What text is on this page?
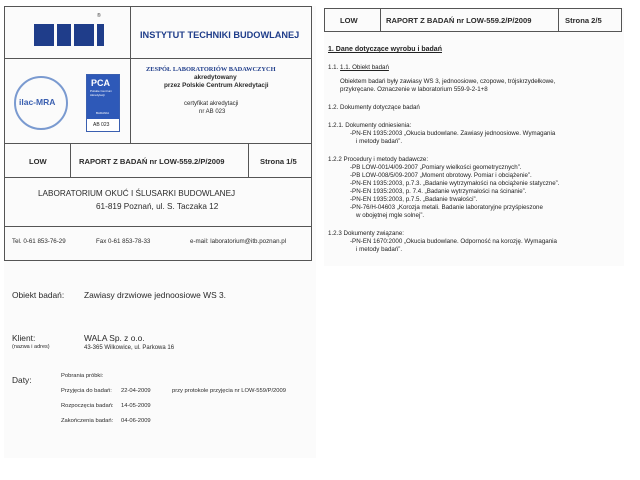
®
INSTYTUT TECHNIKI BUDOWLANEJ
ilac-MRA
PCA
Polskie Centrum
Akredytacji
BADANIA
AB 023
ZESPÓŁ LABORATORIÓW BADAWCZYCH
akredytowany
przez Polskie Centrum Akredytacji
certyfikat akredytacji
nr AB 023
LOW	RAPORT Z BADAŃ nr LOW-559.2/P/2009	Strona 1/5
LABORATORIUM OKUĆ I ŚLUSARKI BUDOWLANEJ
61-819 Poznań, ul. S. Taczaka 12
Tel. 0-61 853-76-29	Fax 0-61 853-78-33	e-mail: laboratorium@itb.poznan.pl
Obiekt badań: Zawiasy drzwiowe jednoosiowe WS 3.
Klient:
(nazwa i adres)
WALA Sp. z o.o.
43-365 Wilkowice, ul. Parkowa 16
Daty:	Pobrania próbki:
Przyjęcia do badań: 22-04-2009	przy protokole przyjęcia nr LOW-559/P/2009
Rozpoczęcia badań: 14-05-2009
Zakończenia badań: 04-06-2009
LOW	RAPORT Z BADAŃ nr LOW-559.2/P/2009	Strona 2/5
1. Dane dotyczące wyrobu i badań
1.1. 1.1. Obiekt badań
Obiektem badań były zawiasy WS 3, jednoosiowe, czopowe, trójskrzydełkowe,
przykręcane. Oznaczenie w laboratorium 559-9-2-1+8
1.2. Dokumenty dotyczące badań
1.2.1. Dokumenty odniesienia:
-PN-EN 1935:2003 „Okucia budowlane. Zawiasy jednoosiowe. Wymagania
i metody badań”.
1.2.2 Procedury i metody badawcze:
-PB LOW-001/4/09-2007 „Pomiary wielkości geometrycznych”.
-PB LOW-008/5/09-2007 „Moment obrotowy. Pomiar i obciążenie”.
-PN-EN 1935:2003, p.7.3. „Badanie wytrzymałości na obciążenie statyczne”.
-PN-EN 1935:2003, p. 7.4. „Badanie wytrzymałości na ścinanie”.
-PN-EN 1935:2003, p.7.5. „Badanie trwałości”.
-PN-76/H-04603 „Korozja metali. Badanie laboratoryjne przyśpieszone
w obojętnej mgle solnej”.
1.2.3 Dokumenty związane:
-PN-EN 1670:2000 „Okucia budowlane. Odporność na korozję. Wymagania
i metody badań”.
